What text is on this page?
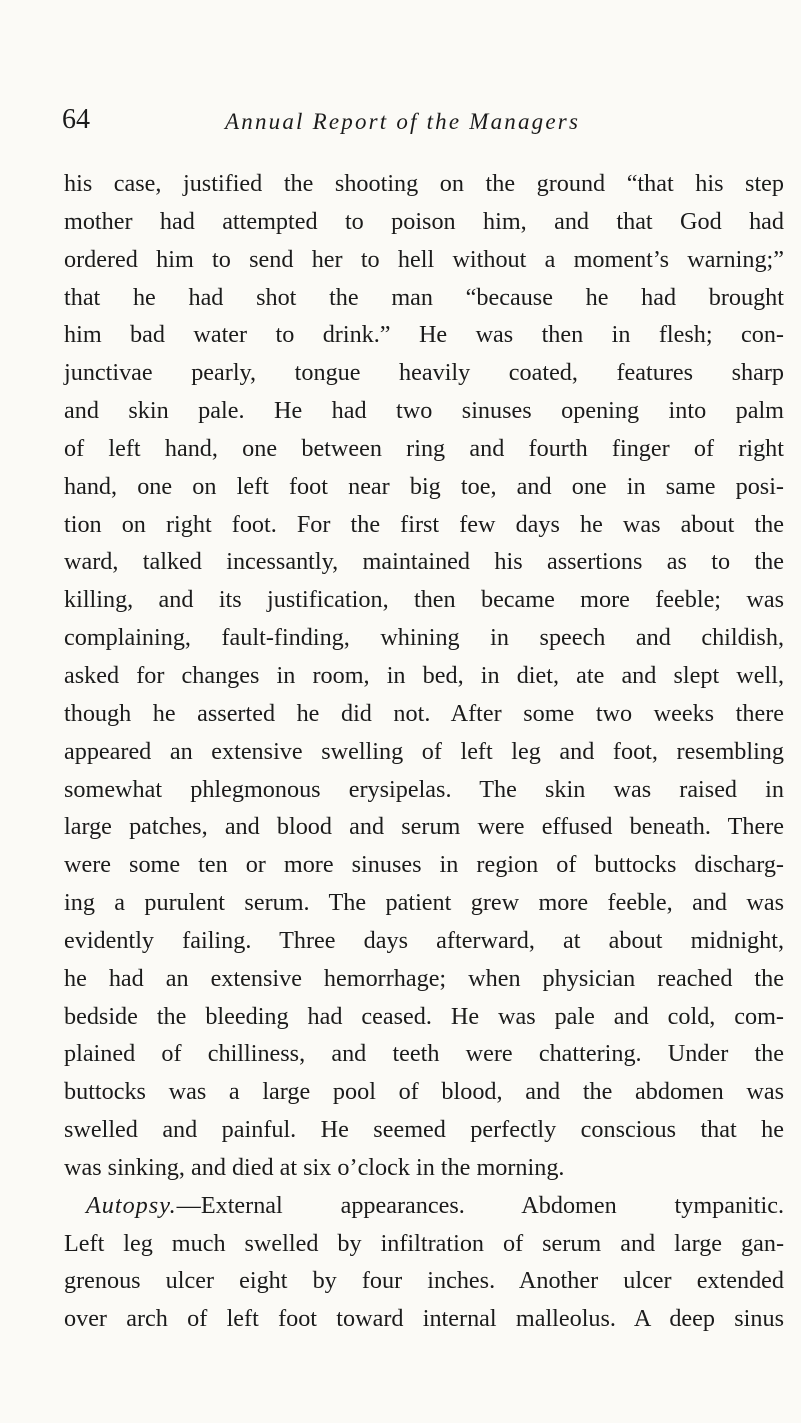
64	Annual Report of the Managers
his case, justified the shooting on the ground “that his step
mother had attempted to poison him, and that God had
ordered him to send her to hell without a moment’s warning;”
that he had shot the man “because he had brought
him bad water to drink.” He was then in flesh; con-
junctivae pearly, tongue heavily coated, features sharp
and skin pale. He had two sinuses opening into palm
of left hand, one between ring and fourth finger of right
hand, one on left foot near big toe, and one in same posi-
tion on right foot. For the first few days he was about the
ward, talked incessantly, maintained his assertions as to the
killing, and its justification, then became more feeble; was
complaining, fault-finding, whining in speech and childish,
asked for changes in room, in bed, in diet, ate and slept well,
though he asserted he did not. After some two weeks there
appeared an extensive swelling of left leg and foot, resembling
somewhat phlegmonous erysipelas. The skin was raised in
large patches, and blood and serum were effused beneath. There
were some ten or more sinuses in region of buttocks discharg-
ing a purulent serum. The patient grew more feeble, and was
evidently failing. Three days afterward, at about midnight,
he had an extensive hemorrhage; when physician reached the
bedside the bleeding had ceased. He was pale and cold, com-
plained of chilliness, and teeth were chattering. Under the
buttocks was a large pool of blood, and the abdomen was
swelled and painful. He seemed perfectly conscious that he
was sinking, and died at six o’clock in the morning.
Autopsy.—External appearances. Abdomen tympanitic.
Left leg much swelled by infiltration of serum and large gan-
grenous ulcer eight by four inches. Another ulcer extended
over arch of left foot toward internal malleolus. A deep sinus
